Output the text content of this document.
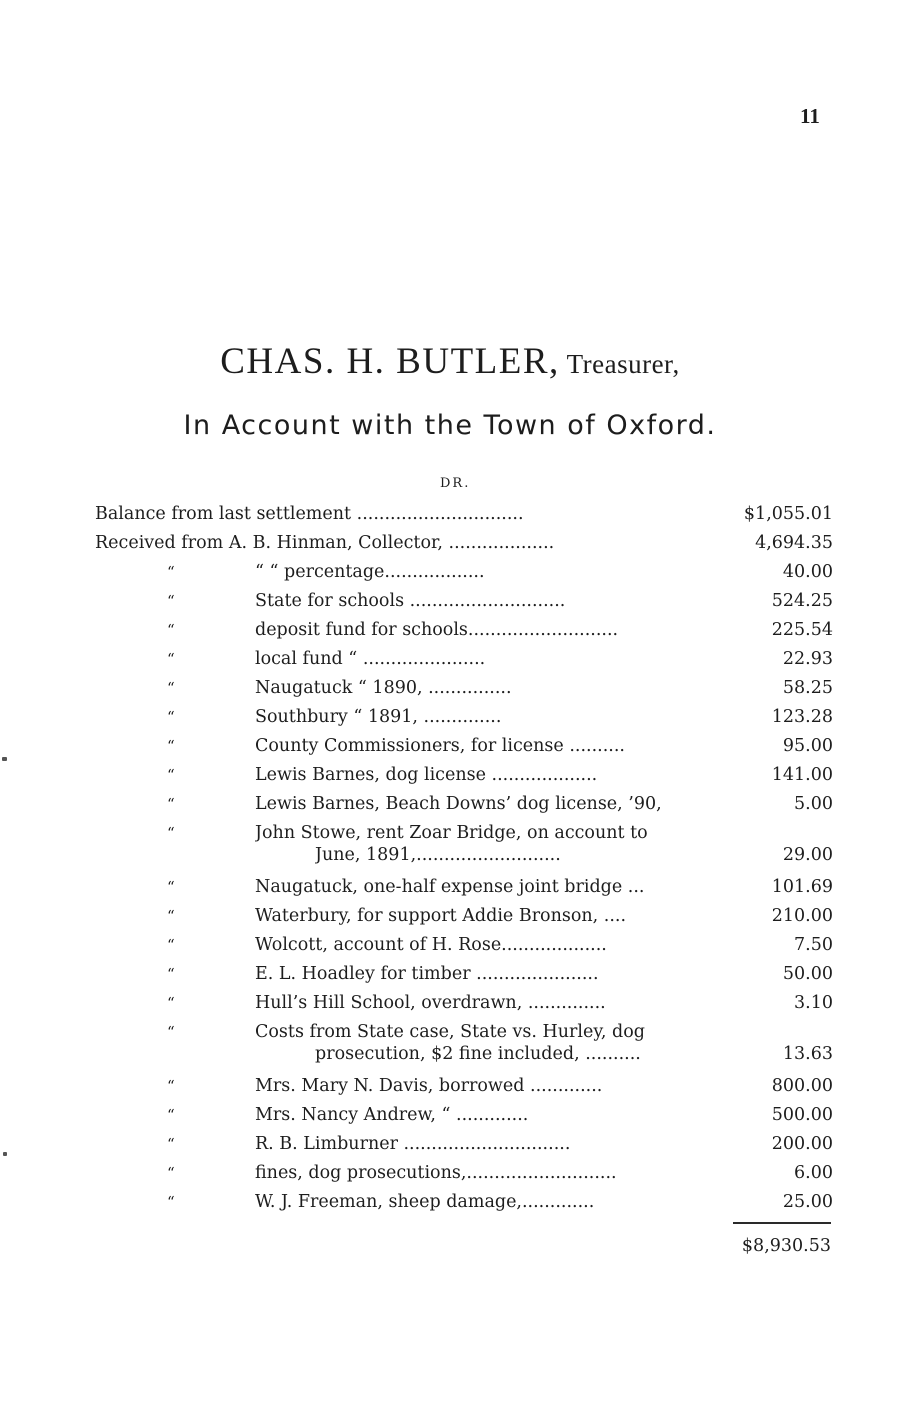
11
CHAS. H. BUTLER, Treasurer,
In Account with the Town of Oxford.
DR.
Balance from last settlement ..............................	$1,055.01
Received from A. B. Hinman, Collector, ...................	4,694.35
“	“ “ percentage..................	40.00
“	State for schools ............................	524.25
“	deposit fund for schools...........................	225.54
“	local fund “ ......................	22.93
“	Naugatuck “ 1890, ...............	58.25
“	Southbury “ 1891, ..............	123.28
“	County Commissioners, for license ..........	95.00
“	Lewis Barnes, dog license ...................	141.00
“	Lewis Barnes, Beach Downs’ dog license, ’90,	5.00
“	John Stowe, rent Zoar Bridge, on account to
June, 1891,..........................	29.00
“	Naugatuck, one-half expense joint bridge ...	101.69
“	Waterbury, for support Addie Bronson, ....	210.00
“	Wolcott, account of H. Rose...................	7.50
“	E. L. Hoadley for timber ......................	50.00
“	Hull’s Hill School, overdrawn, ..............	3.10
“	Costs from State case, State vs. Hurley, dog
prosecution, $2 fine included, ..........	13.63
“	Mrs. Mary N. Davis, borrowed .............	800.00
“	Mrs. Nancy Andrew, “ .............	500.00
“	R. B. Limburner ..............................	200.00
“	fines, dog prosecutions,...........................	6.00
“	W. J. Freeman, sheep damage,.............	25.00
$8,930.53
